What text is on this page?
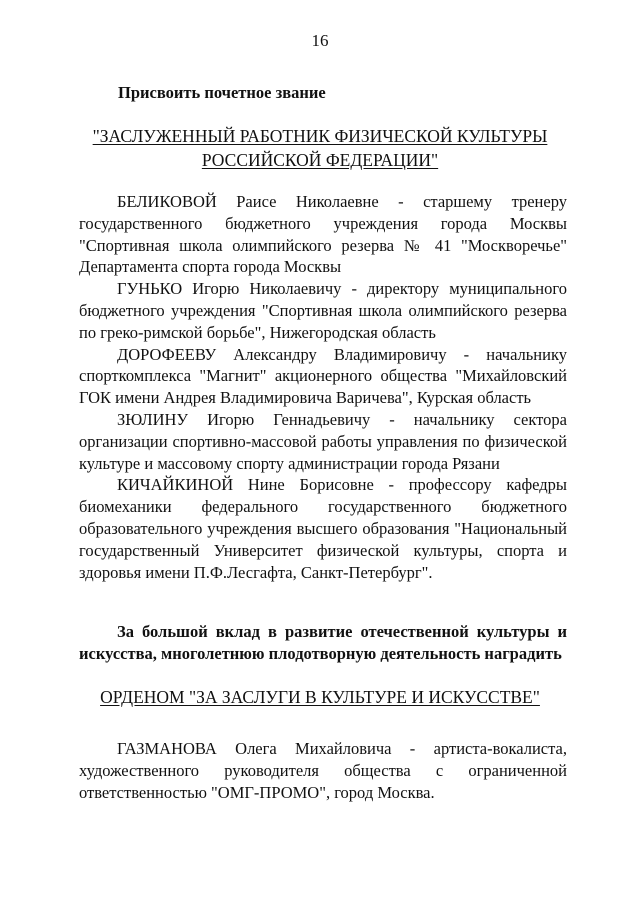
16
Присвоить почетное звание
"ЗАСЛУЖЕННЫЙ РАБОТНИК ФИЗИЧЕСКОЙ КУЛЬТУРЫ
РОССИЙСКОЙ ФЕДЕРАЦИИ"

БЕЛИКОВОЙ Раисе Николаевне - старшему тренеру государственного бюджетного учреждения города Москвы "Спортивная школа олимпийского резерва № 41 "Москворечье" Департамента спорта города Москвы

ГУНЬКО Игорю Николаевичу - директору муниципального бюджетного учреждения "Спортивная школа олимпийского резерва по греко-римской борьбе", Нижегородская область

ДОРОФЕЕВУ Александру Владимировичу - начальнику спорткомплекса "Магнит" акционерного общества "Михайловский ГОК имени Андрея Владимировича Варичева", Курская область

ЗЮЛИНУ Игорю Геннадьевичу - начальнику сектора организации спортивно-массовой работы управления по физической культуре и массовому спорту администрации города Рязани

КИЧАЙКИНОЙ Нине Борисовне - профессору кафедры биомеханики федерального государственного бюджетного образовательного учреждения высшего образования "Национальный государственный Университет физической культуры, спорта и здоровья имени П.Ф.Лесгафта, Санкт-Петербург".

За большой вклад в развитие отечественной культуры и искусства, многолетнюю плодотворную деятельность наградить

ОРДЕНОМ "ЗА ЗАСЛУГИ В КУЛЬТУРЕ И ИСКУССТВЕ"

ГАЗМАНОВА Олега Михайловича - артиста-вокалиста, художественного руководителя общества с ограниченной ответственностью "ОМГ-ПРОМО", город Москва.
